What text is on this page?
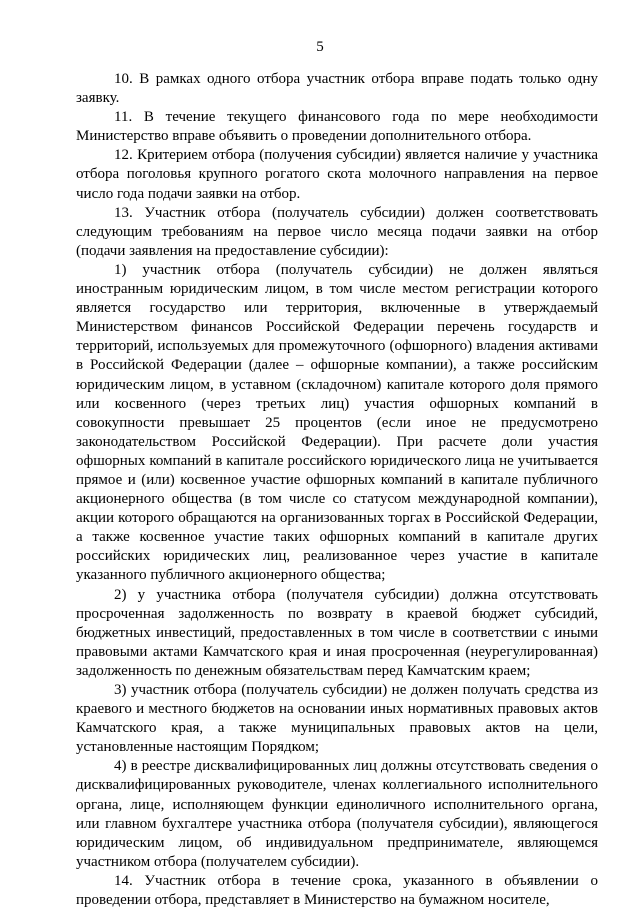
5

10. В рамках одного отбора участник отбора вправе подать только одну заявку.

11. В течение текущего финансового года по мере необходимости Министерство вправе объявить о проведении дополнительного отбора.

12. Критерием отбора (получения субсидии) является наличие у участника отбора поголовья крупного рогатого скота молочного направления на первое число года подачи заявки на отбор.

13. Участник отбора (получатель субсидии) должен соответствовать следующим требованиям на первое число месяца подачи заявки на отбор (подачи заявления на предоставление субсидии):

1) участник отбора (получатель субсидии) не должен являться иностранным юридическим лицом, в том числе местом регистрации которого является государство или территория, включенные в утверждаемый Министерством финансов Российской Федерации перечень государств и территорий, используемых для промежуточного (офшорного) владения активами в Российской Федерации (далее – офшорные компании), а также российским юридическим лицом, в уставном (складочном) капитале которого доля прямого или косвенного (через третьих лиц) участия офшорных компаний в совокупности превышает 25 процентов (если иное не предусмотрено законодательством Российской Федерации). При расчете доли участия офшорных компаний в капитале российского юридического лица не учитывается прямое и (или) косвенное участие офшорных компаний в капитале публичного акционерного общества (в том числе со статусом международной компании), акции которого обращаются на организованных торгах в Российской Федерации, а также косвенное участие таких офшорных компаний в капитале других российских юридических лиц, реализованное через участие в капитале указанного публичного акционерного общества;

2) у участника отбора (получателя субсидии) должна отсутствовать просроченная задолженность по возврату в краевой бюджет субсидий, бюджетных инвестиций, предоставленных в том числе в соответствии с иными правовыми актами Камчатского края и иная просроченная (неурегулированная) задолженность по денежным обязательствам перед Камчатским краем;

3) участник отбора (получатель субсидии) не должен получать средства из краевого и местного бюджетов на основании иных нормативных правовых актов Камчатского края, а также муниципальных правовых актов на цели, установленные настоящим Порядком;

4) в реестре дисквалифицированных лиц должны отсутствовать сведения о дисквалифицированных руководителе, членах коллегиального исполнительного органа, лице, исполняющем функции единоличного исполнительного органа, или главном бухгалтере участника отбора (получателя субсидии), являющегося юридическим лицом, об индивидуальном предпринимателе, являющемся участником отбора (получателем субсидии).

14. Участник отбора в течение срока, указанного в объявлении о проведении отбора, представляет в Министерство на бумажном носителе,
